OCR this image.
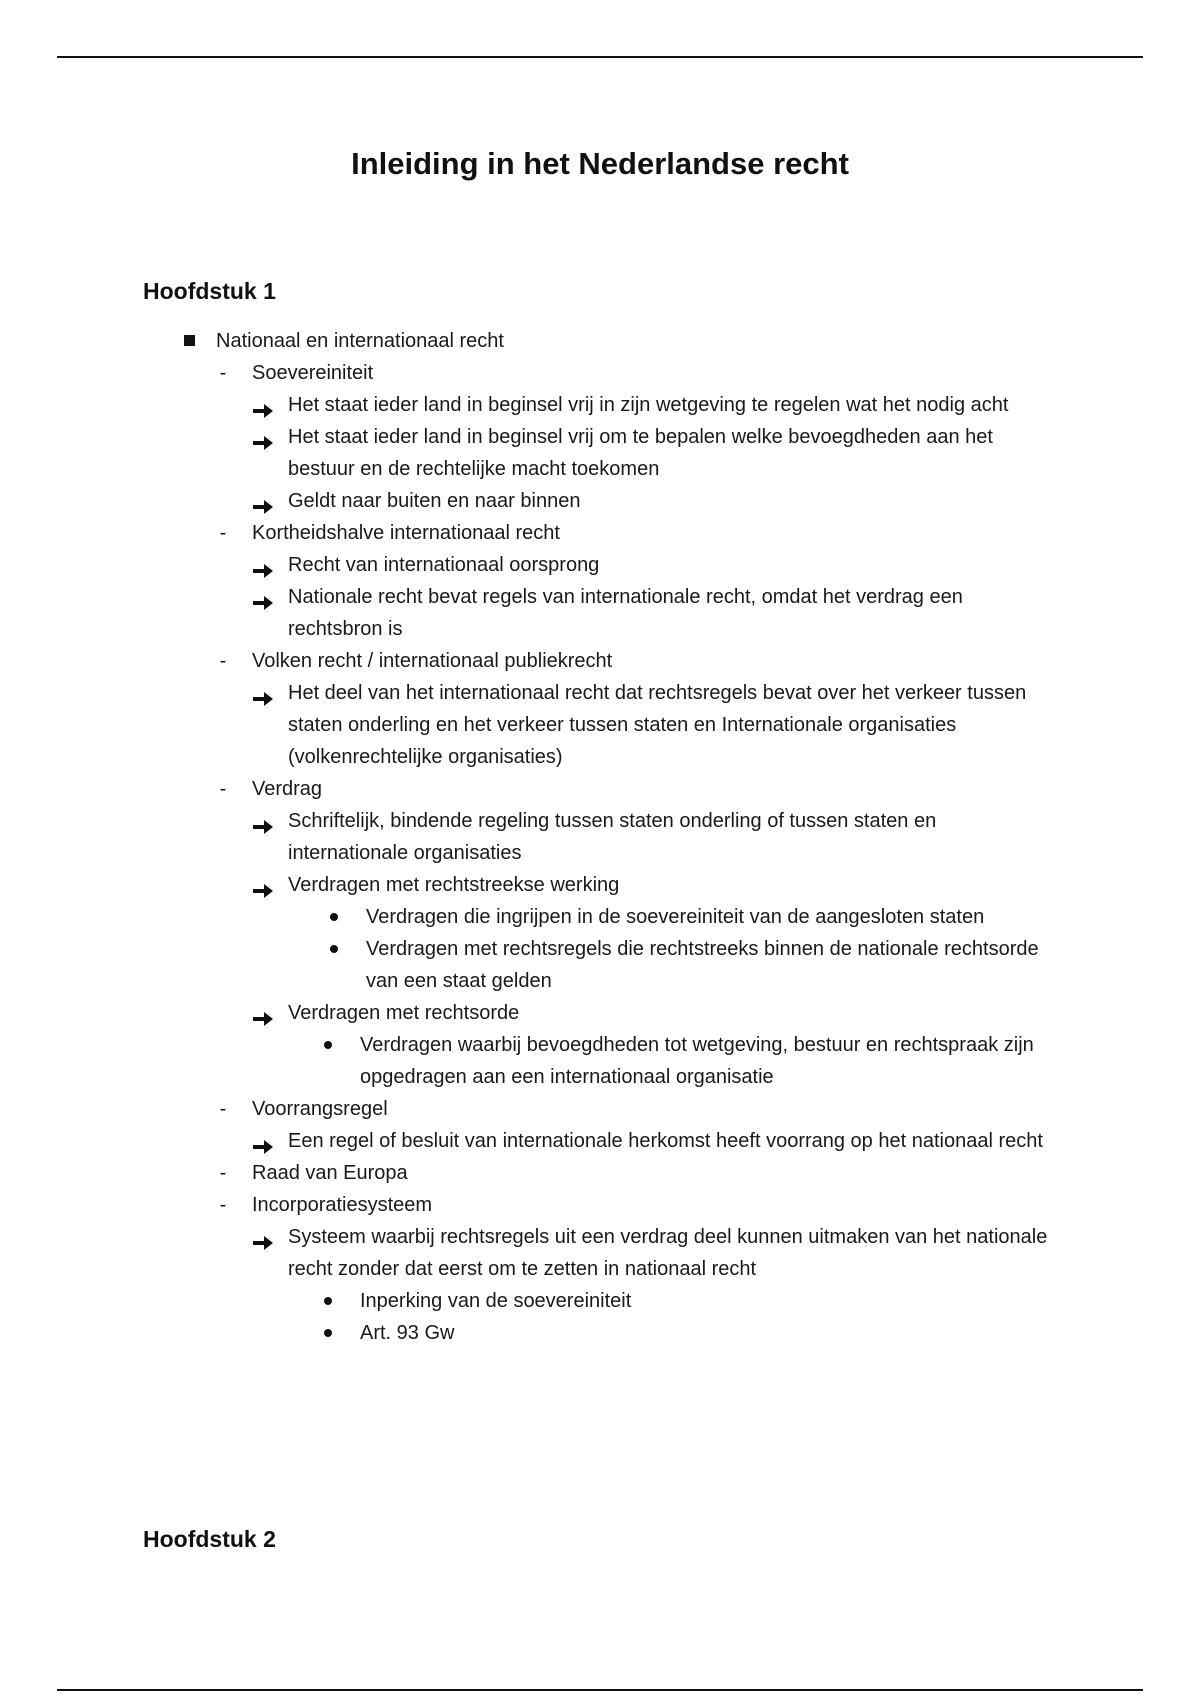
Inleiding in het Nederlandse recht
Hoofdstuk 1
Nationaal en internationaal recht
- Soevereiniteit
Het staat ieder land in beginsel vrij in zijn wetgeving te regelen wat het nodig acht
Het staat ieder land in beginsel vrij om te bepalen welke bevoegdheden aan het bestuur en de rechtelijke macht toekomen
Geldt naar buiten en naar binnen
- Kortheidshalve internationaal recht
Recht van internationaal oorsprong
Nationale recht bevat regels van internationale recht, omdat het verdrag een rechtsbron is
- Volken recht / internationaal publiekrecht
Het deel van het internationaal recht dat rechtsregels bevat over het verkeer tussen staten onderling en het verkeer tussen staten en Internationale organisaties (volkenrechtelijke organisaties)
- Verdrag
Schriftelijk, bindende regeling tussen staten onderling of tussen staten en internationale organisaties
Verdragen met rechtstreekse werking
Verdragen die ingrijpen in de soevereiniteit van de aangesloten staten
Verdragen met rechtsregels die rechtstreeks binnen de nationale rechtsorde van een staat gelden
Verdragen met rechtsorde
Verdragen waarbij bevoegdheden tot wetgeving, bestuur en rechtspraak zijn opgedragen aan een internationaal organisatie
- Voorrangsregel
Een regel of besluit van internationale herkomst heeft voorrang op het nationaal recht
- Raad van Europa
- Incorporatiesysteem
Systeem waarbij rechtsregels uit een verdrag deel kunnen uitmaken van het nationale recht zonder dat eerst om te zetten in nationaal recht
Inperking van de soevereiniteit
Art. 93 Gw
Hoofdstuk 2
